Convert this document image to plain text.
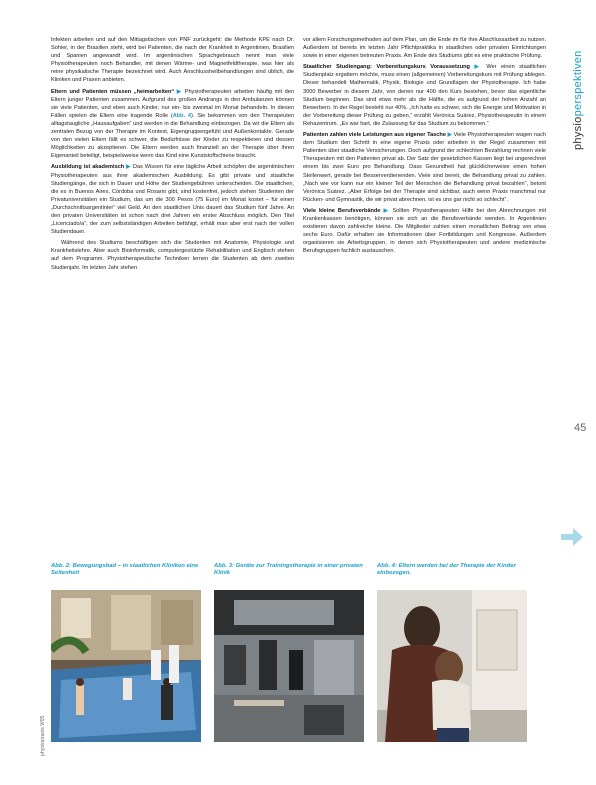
physioperspektiven
45
physiopraxis 9/05

Infekten arbeiten und auf den Mittagstischen von PNF zurückgeht: die Methode KPE nach Dr. Sohier, in der Brasilien steht, wird bei Patienten, die nach der Krankheit in Argentinien, Brasilien und Spanien angewandt wird. Im argentinischen Sprachgebrauch nennt man viele Physiotherapeuten noch Behandler, mit denen Wärme- und Magnetfeldtherapie, was hier als reine physikalische Therapie bezeichnet wird. Auch Anschlussheilbehandlungen sind üblich, die Kliniken und Praxen anbieten.

Eltern und Patienten müssen „heimarbeiten“ ▶ Physiotherapeuten arbeiten häufig mit den Eltern junger Patienten zusammen. Aufgrund des großen Andrangs in den Ambulanzen können sie viele Patienten, und eben auch Kinder, nur ein- bis zweimal im Monat behandeln. In diesen Fällen spielen die Eltern eine tragende Rolle (Abb. 4). Sie bekommen von den Therapeuten alltagstaugliche „Hausaufgaben“ und werden in die Behandlung einbezogen. Da wir die Eltern als zentralen Bezug von der Therapie im Kontext, Eigengruppengefühl und Außenkontakte. Gerade von den vielen Eltern fällt es schwer, die Bedürfnisse der Kinder zu respektieren und dessen Möglichkeiten zu akzeptieren. Die Eltern werden auch finanziell an der Therapie über ihren Eigenanteil beteiligt, beispielsweise wenn das Kind eine Kunststoffschiene braucht.

Ausbildung ist akademisch ▶ Das Wissen für eine tägliche Arbeit schöpfen die argentinischen Physiotherapeuten aus ihrer akademischen Ausbildung. Es gibt private und staatliche Studiengänge, die sich in Dauer und Höhe der Studiengebühren unterscheiden. Die staatlichen, die es in Buenos Aires, Córdoba und Rosario gibt, sind kostenfrei, jedoch stehen Studenten der Privatuniversitäten ein Studium, das um die 300 Pesos (75 Euro) im Monat kostet – für einen „Durchschnittsargentinier“ viel Geld. An den staatlichen Unis dauert das Studium fünf Jahre. An den privaten Universitäten ist schon nach drei Jahren ein erster Abschluss möglich. Den Titel „Licenciado/a“, der zum selbstständigen Arbeiten befähigt, erhält man aber erst nach der vollen Studiendauer.

Während des Studiums beschäftigen sich die Studenten mit Anatomie, Physiologie und Krankheitslehre. Aber auch Bioinformatik, computergestützte Rehabilitation und Englisch stehen auf dem Programm. Physiotherapeutische Techniken lernen die Studenten ab dem zweiten Studienjahr. Im letzten Jahr stehen

vor allem Forschungsmethoden auf dem Plan, um die Ende im für ihre Abschlussarbeit zu nutzen. Außerdem ist bereits im letzten Jahr Pflichtpraktika in staatlichen oder privaten Einrichtungen sowie in einer eigenen betreuten Praxis. Am Ende des Studiums gibt es eine praktische Prüfung.

Staatlicher Studiengang: Vorbereitungskurs Voraussetzung ▶ Wer einen staatlichen Studienplatz ergattern möchte, muss einen (allgemeinen) Vorbereitungskurs mit Prüfung ablegen. Dieser behandelt Mathematik, Physik, Biologie und Grundlagen der Physiotherapie. Ich habe 3000 Bewerber in diesem Jahr, von denen nur 400 den Kurs bestehen, bevor das eigentliche Studium beginnen. Das sind etwa mehr als die Hälfte, die es aufgrund der hohen Anzahl an Bewerbern. In der Regel besteht nur 40%. „Ich halte es schwer, sich die Energie und Motivation in der Vorbereitung dieser Prüfung zu geben,“ erzählt Verónica Suárez, Physiotherapeutin in einem Rehazentrum. „Es war hart, die Zulassung für das Studium zu bekommen.“

Patienten zahlen viele Leistungen aus eigener Tasche ▶ Viele Physiotherapeuten wagen nach dem Studium den Schritt in eine eigene Praxis oder arbeiten in der Regel zusammen mit Patienten über staatliche Versicherungen. Doch aufgrund der schlechten Bezahlung rechnen viele Therapeuten mit den Patienten privat ab. Der Satz der gesetzlichen Kassen liegt bei ungerechnet einem bis zwei Euro pro Behandlung. Dass Gesundheit hat glücklicherweise einen hohen Stellenwert, gerade bei Besserverdienenden. Viele sind bereit, die Behandlung privat zu zahlen. „Nach wie vor kann nur ein kleiner Teil der Menschen die Behandlung privat bezahlen“, betont Verónica Suárez. „Aber Erfolge bei der Therapie sind sichtbar, auch wenn Praxis manchmal nur Rücken- und Gymnastik, die wir privat abrechnen, ist es uns gar nicht so schlecht“.

Viele kleine Berufsverbände ▶ Sollten Physiotherapeuten Hilfe bei den Abrechnungen mit Krankenkassen benötigen, können sie sich an die Berufsverbände wenden. In Argentinien existieren davon zahlreiche kleine. Die Mitglieder zahlen einen monatlichen Beitrag von etwa sechs Euro. Dafür erhalten sie Informationen über Fortbildungen und Kongresse. Außerdem organisieren sie Arbeitsgruppen, in denen sich Physiotherapeuten und andere medizinische Berufsgruppen fachlich austauschen.

Abb. 2: Bewegungsbad – in staatlichen Kliniken eine Seltenheit
Abb. 3: Geräte zur Trainingstherapie in einer privaten Klinik
Abb. 4: Eltern werden bei der Therapie der Kinder einbezogen.
